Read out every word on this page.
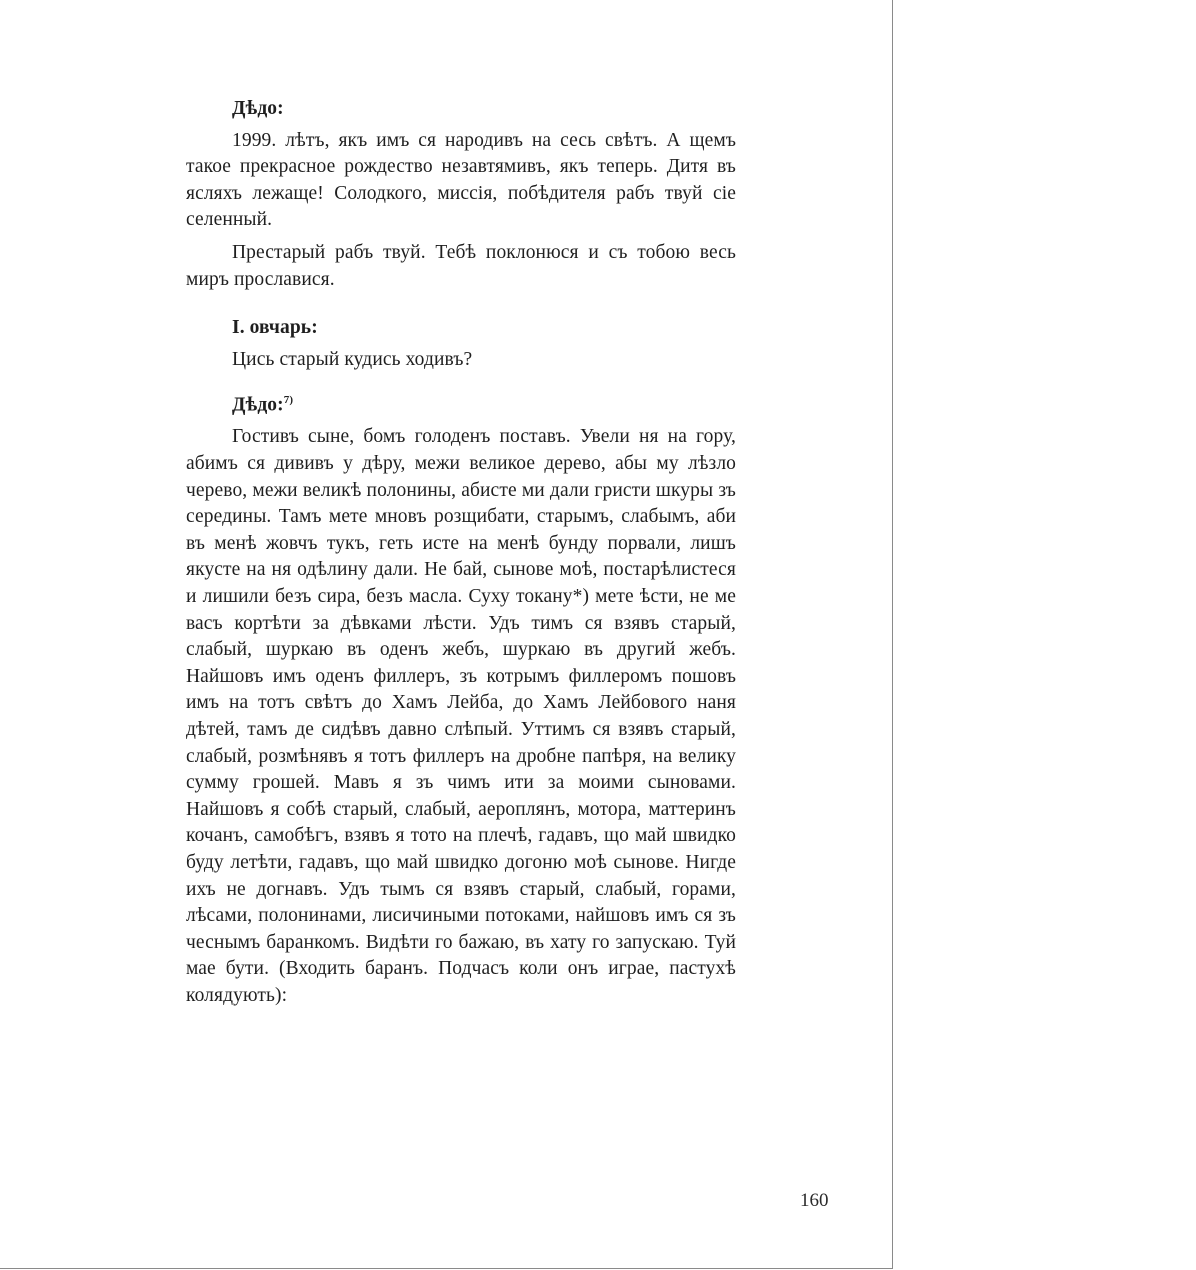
Дѣдо:

1999. лѣтъ, якъ имъ ся народивъ на сесь свѣтъ. А щемъ такое прекрасное рождество незавтямивъ, якъ теперь. Дитя въ ясляхъ лежаще! Солодкого, миссія, побѣдителя рабъ твуй сіе селенный.

Престарый рабъ твуй. Тебѣ поклонюся и съ тобою весь миръ прославися.

I. овчарь:

Цись старый кудись ходивъ?

Дѣдо:$^{7)}$

Гостивъ сыне, бомъ голоденъ поставъ. Увели ня на гору, абимъ ся дививъ у дѣру, межи великое дерево, абы му лѣзло черево, межи великѣ полонины, абисте ми дали гристи шкуры зъ середины. Тамъ мете мновъ розщибати, старымъ, слабымъ, аби въ менѣ жовчъ тукъ, геть исте на менѣ бунду порвали, лишъ якусте на ня одѣлину дали. Не бай, сынове моѣ, постарѣлистеся и лишили безъ сира, безъ масла. Суху токану*) мете ѣсти, не ме васъ кортѣти за дѣвками лѣсти. Удъ тимъ ся взявъ старый, слабый, шуркаю въ оденъ жебъ, шуркаю въ другий жебъ. Найшовъ имъ оденъ филлеръ, зъ котрымъ филлеромъ пошовъ имъ на тотъ свѣтъ до Хамъ Лейба, до Хамъ Лейбового наня дѣтей, тамъ де сидѣвъ давно слѣпый. Уттимъ ся взявъ старый, слабый, розмѣнявъ я тотъ филлеръ на дробне папѣря, на велику сумму грошей. Мавъ я зъ чимъ ити за моими сыновами. Найшовъ я собѣ старый, слабый, аероплянъ, мотора, маттеринъ кочанъ, самобѣгъ, взявъ я тото на плечѣ, гадавъ, що май швидко буду летѣти, гадавъ, що май швидко догоню моѣ сынове. Нигде ихъ не догнавъ. Удъ тымъ ся взявъ старый, слабый, горами, лѣсами, полонинами, лисичиными потоками, найшовъ имъ ся зъ чеснымъ баранкомъ. Видѣти го бажаю, въ хату го запускаю. Туй мае бути. (Входить баранъ. Подчасъ коли онъ играе, пастухѣ колядують):

160
